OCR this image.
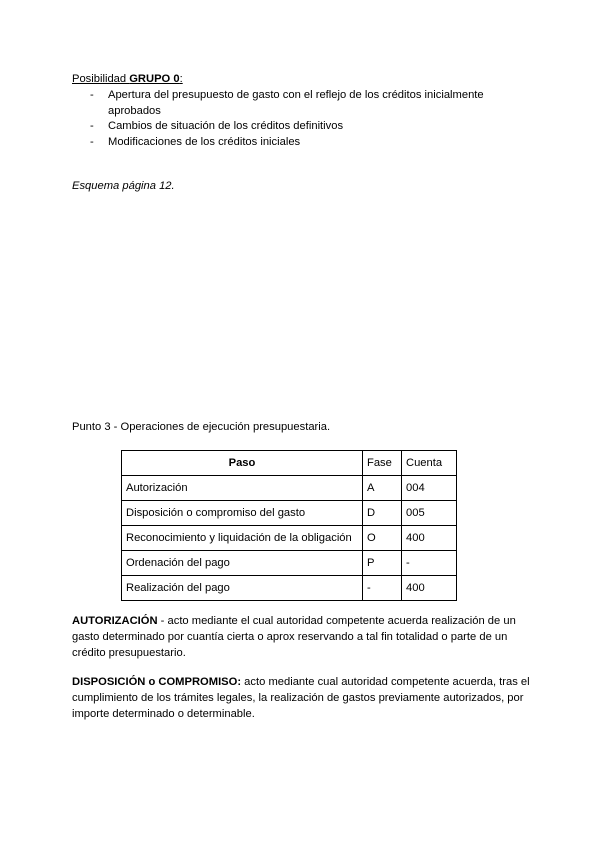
Posibilidad GRUPO 0:
- Apertura del presupuesto de gasto con el reflejo de los créditos inicialmente aprobados
- Cambios de situación de los créditos definitivos
- Modificaciones de los créditos iniciales
Esquema página 12.
Punto 3 - Operaciones de ejecución presupuestaria.
Paso	Fase	Cuenta
Autorización	A	004
Disposición o compromiso del gasto	D	005
Reconocimiento y liquidación de la obligación	O	400
Ordenación del pago	P	-
Realización del pago	-	400
AUTORIZACIÓN - acto mediante el cual autoridad competente acuerda realización de un gasto determinado por cuantía cierta o aprox reservando a tal fin totalidad o parte de un crédito presupuestario.
DISPOSICIÓN o COMPROMISO: acto mediante cual autoridad competente acuerda, tras el cumplimiento de los trámites legales, la realización de gastos previamente autorizados, por importe determinado o determinable.
